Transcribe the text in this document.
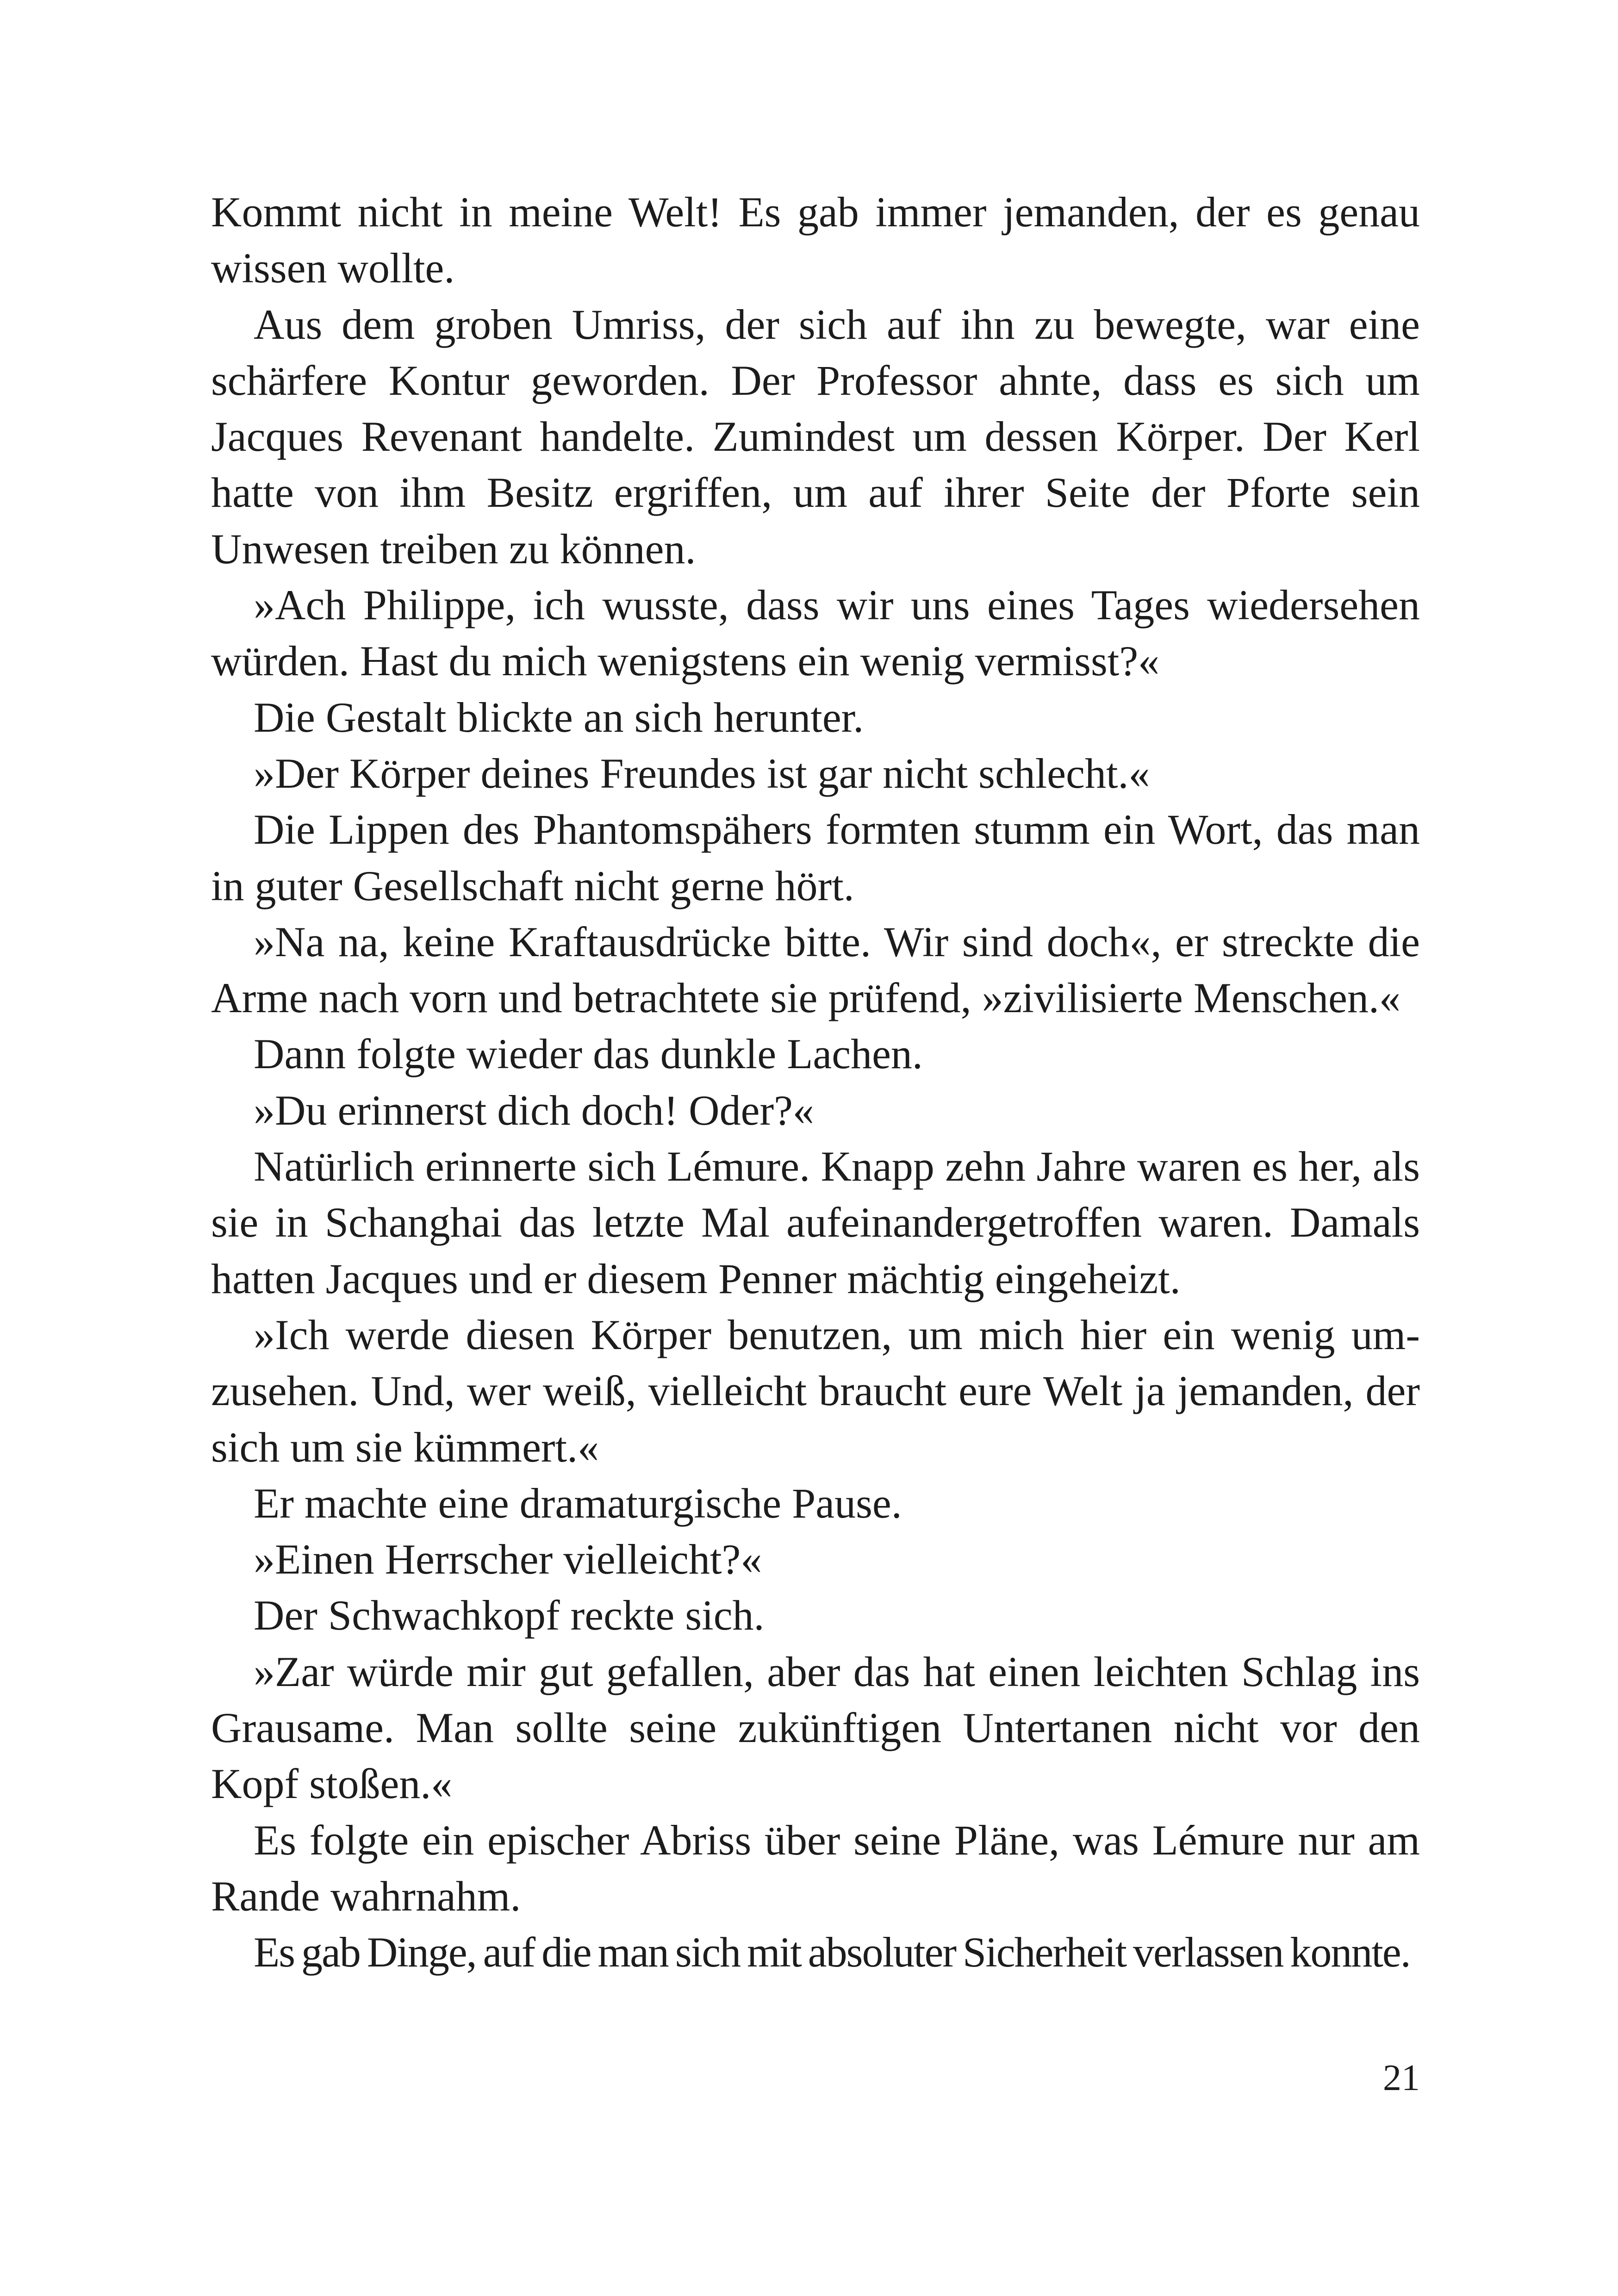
Kommt nicht in meine Welt! Es gab immer jemanden, der es genau wissen wollte.

Aus dem groben Umriss, der sich auf ihn zu bewegte, war eine schärfere Kontur geworden. Der Professor ahnte, dass es sich um Jacques Revenant handelte. Zumindest um dessen Körper. Der Kerl hatte von ihm Besitz ergriffen, um auf ihrer Seite der Pforte sein Unwesen treiben zu können.

»Ach Philippe, ich wusste, dass wir uns eines Tages wiedersehen würden. Hast du mich wenigstens ein wenig vermisst?«

Die Gestalt blickte an sich herunter.

»Der Körper deines Freundes ist gar nicht schlecht.«

Die Lippen des Phantomspähers formten stumm ein Wort, das man in guter Gesellschaft nicht gerne hört.

»Na na, keine Kraftausdrücke bitte. Wir sind doch«, er streckte die Arme nach vorn und betrachtete sie prüfend, »zivilisierte Menschen.«

Dann folgte wieder das dunkle Lachen.

»Du erinnerst dich doch! Oder?«

Natürlich erinnerte sich Lémure. Knapp zehn Jahre waren es her, als sie in Schanghai das letzte Mal aufeinandergetroffen waren. Damals hatten Jacques und er diesem Penner mächtig eingeheizt.

»Ich werde diesen Körper benutzen, um mich hier ein wenig umzusehen. Und, wer weiß, vielleicht braucht eure Welt ja jemanden, der sich um sie kümmert.«

Er machte eine dramaturgische Pause.

»Einen Herrscher vielleicht?«

Der Schwachkopf reckte sich.

»Zar würde mir gut gefallen, aber das hat einen leichten Schlag ins Grausame. Man sollte seine zukünftigen Untertanen nicht vor den Kopf stoßen.«

Es folgte ein epischer Abriss über seine Pläne, was Lémure nur am Rande wahrnahm.

Es gab Dinge, auf die man sich mit absoluter Sicherheit verlassen konnte.

21
